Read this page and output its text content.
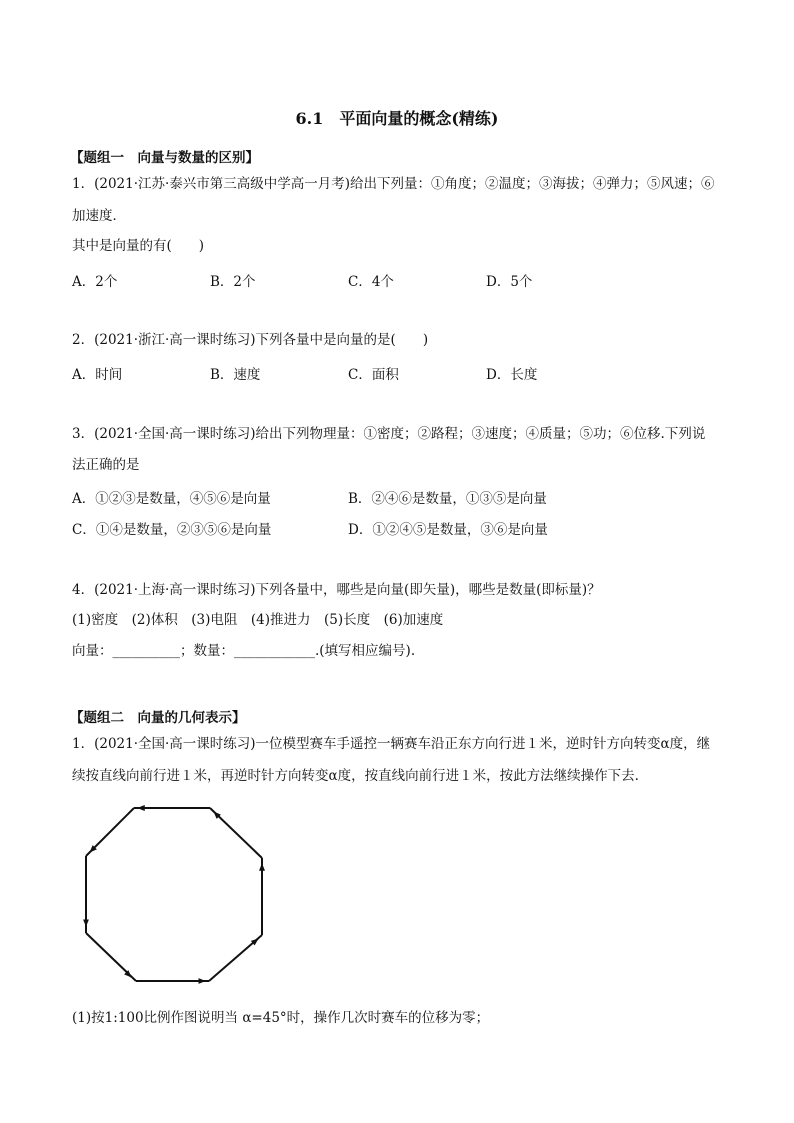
6.1　平面向量的概念(精练)
【题组一　向量与数量的区别】
1．(2021·江苏·泰兴市第三高级中学高一月考)给出下列量：①角度；②温度；③海拔；④弹力；⑤风速；⑥
加速度．
其中是向量的有(　　)
A．2个	B．2个	C．4个	D．5个
2．(2021·浙江·高一课时练习)下列各量中是向量的是(　　)
A．时间	B．速度	C．面积	D．长度
3．(2021·全国·高一课时练习)给出下列物理量：①密度；②路程；③速度；④质量；⑤功；⑥位移.下列说
法正确的是
A．①②③是数量，④⑤⑥是向量	B．②④⑥是数量，①③⑤是向量
C．①④是数量，②③⑤⑥是向量	D．①②④⑤是数量，③⑥是向量
4．(2021·上海·高一课时练习)下列各量中，哪些是向量(即矢量)，哪些是数量(即标量)？
(1)密度　(2)体积　(3)电阻　(4)推进力　(5)长度　(6)加速度
向量：__________；数量：____________.(填写相应编号).
【题组二　向量的几何表示】
1．(2021·全国·高一课时练习)一位模型赛车手遥控一辆赛车沿正东方向行进１米，逆时针方向转变α度，继
续按直线向前行进１米，再逆时针方向转变α度，按直线向前行进１米，按此方法继续操作下去.
(1)按1:100比例作图说明当 α=45°时，操作几次时赛车的位移为零；
